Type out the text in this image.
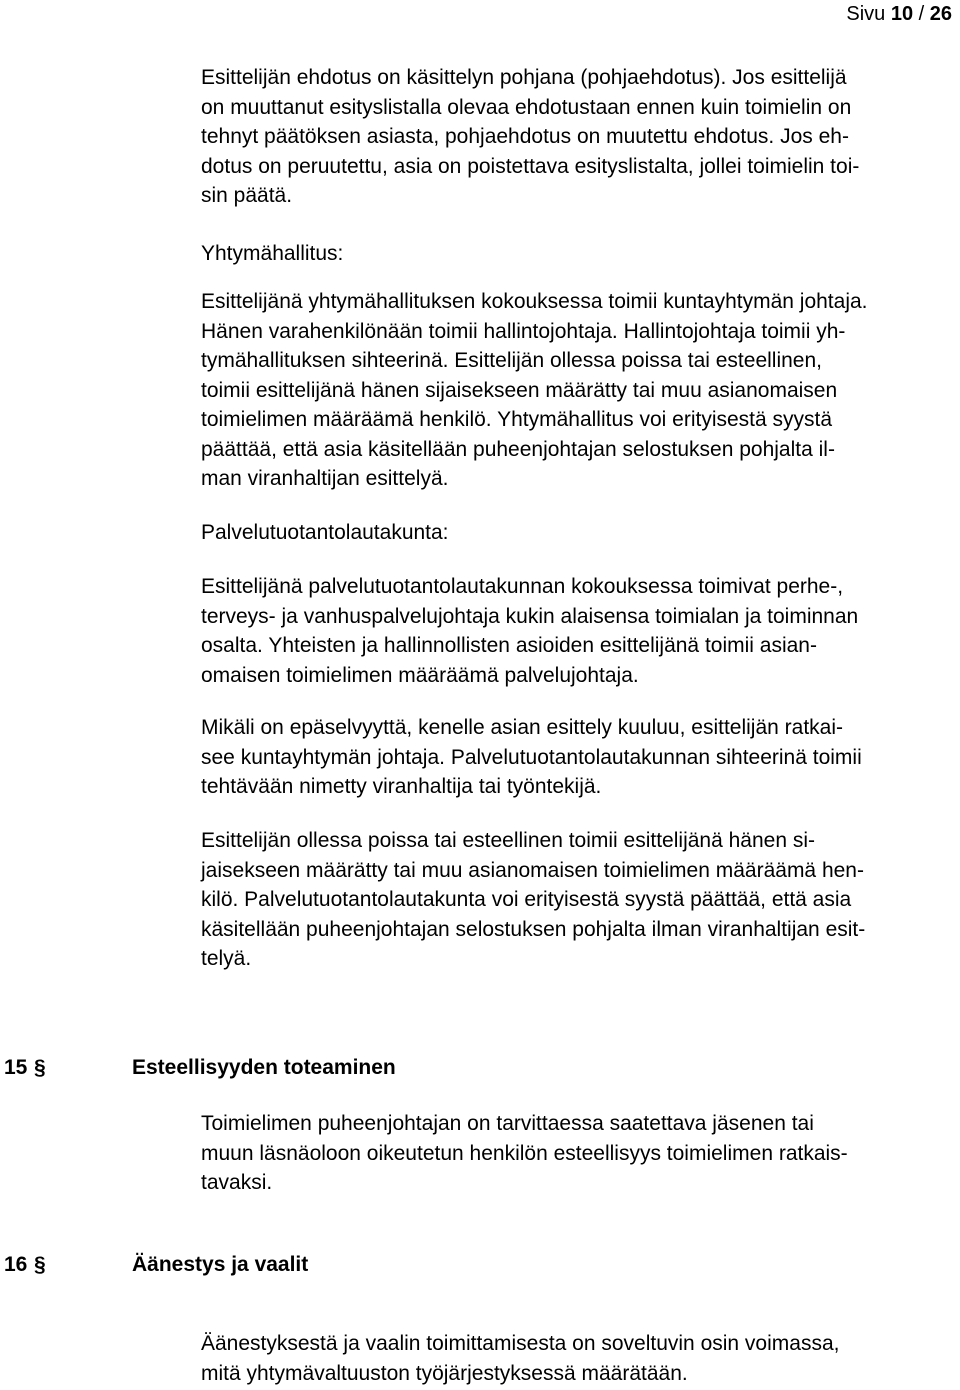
Sivu 10 / 26
Esittelijän ehdotus on käsittelyn pohjana (pohjaehdotus). Jos esittelijä
on muuttanut esityslistalla olevaa ehdotustaan ennen kuin toimielin on
tehnyt päätöksen asiasta, pohjaehdotus on muutettu ehdotus. Jos eh-
dotus on peruutettu, asia on poistettava esityslistalta, jollei toimielin toi-
sin päätä.
Yhtymähallitus:
Esittelijänä yhtymähallituksen kokouksessa toimii kuntayhtymän johtaja.
Hänen varahenkilönään toimii hallintojohtaja. Hallintojohtaja toimii yh-
tymähallituksen sihteerinä. Esittelijän ollessa poissa tai esteellinen,
toimii esittelijänä hänen sijaisekseen määrätty tai muu asianomaisen
toimielimen määräämä henkilö. Yhtymähallitus voi erityisestä syystä
päättää, että asia käsitellään puheenjohtajan selostuksen pohjalta il-
man viranhaltijan esittelyä.
Palvelutuotantolautakunta:
Esittelijänä palvelutuotantolautakunnan kokouksessa toimivat perhe-,
terveys- ja vanhuspalvelujohtaja kukin alaisensa toimialan ja toiminnan
osalta. Yhteisten ja hallinnollisten asioiden esittelijänä toimii asian-
omaisen toimielimen määräämä palvelujohtaja.
Mikäli on epäselvyyttä, kenelle asian esittely kuuluu, esittelijän ratkai-
see kuntayhtymän johtaja. Palvelutuotantolautakunnan sihteerinä toimii
tehtävään nimetty viranhaltija tai työntekijä.
Esittelijän ollessa poissa tai esteellinen toimii esittelijänä hänen si-
jaisekseen määrätty tai muu asianomaisen toimielimen määräämä hen-
kilö. Palvelutuotantolautakunta voi erityisestä syystä päättää, että asia
käsitellään puheenjohtajan selostuksen pohjalta ilman viranhaltijan esit-
telyä.
15 §	Esteellisyyden toteaminen
Toimielimen puheenjohtajan on tarvittaessa saatettava jäsenen tai
muun läsnäoloon oikeutetun henkilön esteellisyys toimielimen ratkais-
tavaksi.
16 §	Äänestys ja vaalit
Äänestyksestä ja vaalin toimittamisesta on soveltuvin osin voimassa,
mitä yhtymävaltuuston työjärjestyksessä määrätään.
